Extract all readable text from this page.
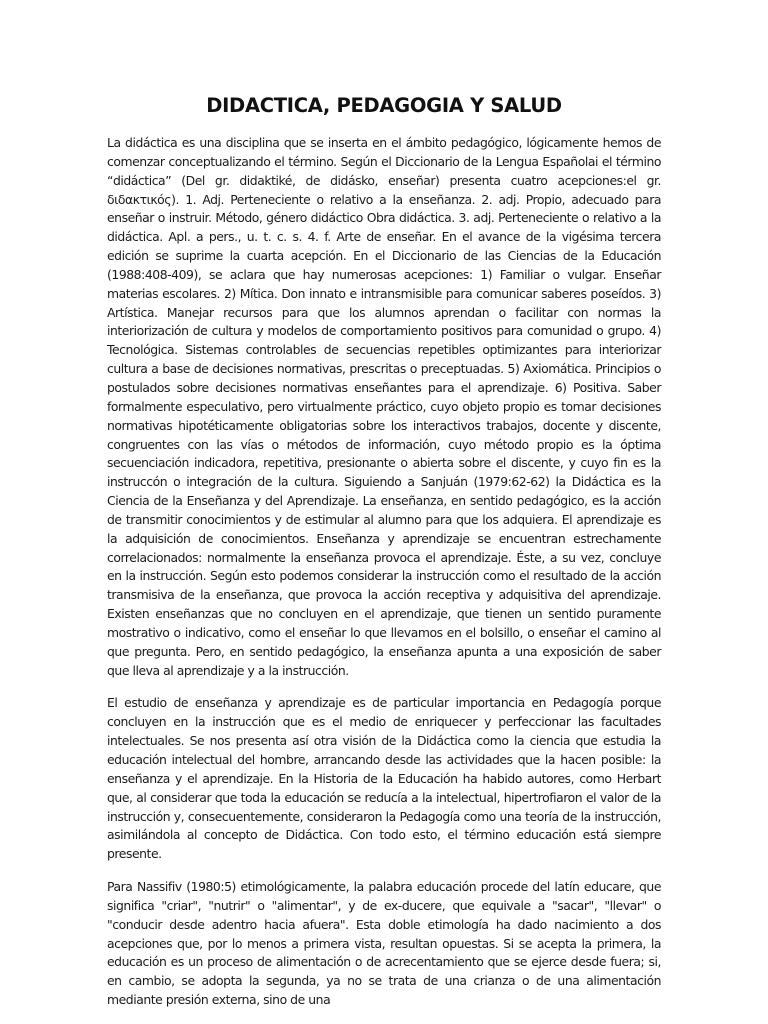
DIDACTICA, PEDAGOGIA Y SALUD

La didáctica es una disciplina que se inserta en el ámbito pedagógico, lógicamente hemos de comenzar conceptualizando el término. Según el Diccionario de la Lengua Españolai el término “didáctica” (Del gr. didaktiké, de didásko, enseñar) presenta cuatro acepciones:el gr. διδακτικός). 1. Adj. Perteneciente o relativo a la enseñanza. 2. adj. Propio, adecuado para enseñar o instruir. Método, género didáctico Obra didáctica. 3. adj. Perteneciente o relativo a la didáctica. Apl. a pers., u. t. c. s. 4. f. Arte de enseñar. En el avance de la vigésima tercera edición se suprime la cuarta acepción. En el Diccionario de las Ciencias de la Educación (1988:408-409), se aclara que hay numerosas acepciones: 1) Familiar o vulgar. Enseñar materias escolares. 2) Mítica. Don innato e intransmisible para comunicar saberes poseídos. 3) Artística. Manejar recursos para que los alumnos aprendan o facilitar con normas la interiorización de cultura y modelos de comportamiento positivos para comunidad o grupo. 4) Tecnológica. Sistemas controlables de secuencias repetibles optimizantes para interiorizar cultura a base de decisiones normativas, prescritas o preceptuadas. 5) Axiomática. Principios o postulados sobre decisiones normativas enseñantes para el aprendizaje. 6) Positiva. Saber formalmente especulativo, pero virtualmente práctico, cuyo objeto propio es tomar decisiones normativas hipotéticamente obligatorias sobre los interactivos trabajos, docente y discente, congruentes con las vías o métodos de información, cuyo método propio es la óptima secuenciación indicadora, repetitiva, presionante o abierta sobre el discente, y cuyo fin es la instruccón o integración de la cultura. Siguiendo a Sanjuán (1979:62-62) la Didáctica es la Ciencia de la Enseñanza y del Aprendizaje. La enseñanza, en sentido pedagógico, es la acción de transmitir conocimientos y de estimular al alumno para que los adquiera. El aprendizaje es la adquisición de conocimientos. Enseñanza y aprendizaje se encuentran estrechamente correlacionados: normalmente la enseñanza provoca el aprendizaje. Éste, a su vez, concluye en la instrucción. Según esto podemos considerar la instrucción como el resultado de la acción transmisiva de la enseñanza, que provoca la acción receptiva y adquisitiva del aprendizaje. Existen enseñanzas que no concluyen en el aprendizaje, que tienen un sentido puramente mostrativo o indicativo, como el enseñar lo que llevamos en el bolsillo, o enseñar el camino al que pregunta. Pero, en sentido pedagógico, la enseñanza apunta a una exposición de saber que lleva al aprendizaje y a la instrucción.

El estudio de enseñanza y aprendizaje es de particular importancia en Pedagogía porque concluyen en la instrucción que es el medio de enriquecer y perfeccionar las facultades intelectuales. Se nos presenta así otra visión de la Didáctica como la ciencia que estudia la educación intelectual del hombre, arrancando desde las actividades que la hacen posible: la enseñanza y el aprendizaje. En la Historia de la Educación ha habido autores, como Herbart que, al considerar que toda la educación se reducía a la intelectual, hipertrofiaron el valor de la instrucción y, consecuentemente, consideraron la Pedagogía como una teoría de la instrucción, asimilándola al concepto de Didáctica. Con todo esto, el término educación está siempre presente.

Para Nassifiv (1980:5) etimológicamente, la palabra educación procede del latín educare, que significa "criar", "nutrir" o "alimentar", y de ex-ducere, que equivale a "sacar", "llevar" o "conducir desde adentro hacia afuera". Esta doble etimología ha dado nacimiento a dos acepciones que, por lo menos a primera vista, resultan opuestas. Si se acepta la primera, la educación es un proceso de alimentación o de acrecentamiento que se ejerce desde fuera; si, en cambio, se adopta la segunda, ya no se trata de una crianza o de una alimentación mediante presión externa, sino de una
